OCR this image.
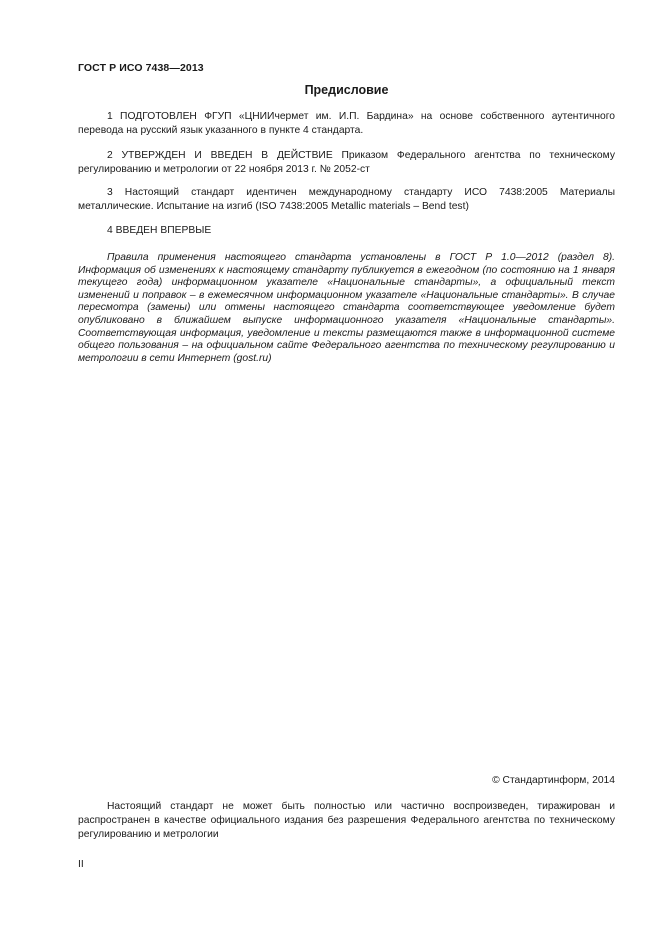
ГОСТ Р ИСО 7438—2013
Предисловие

1 ПОДГОТОВЛЕН ФГУП «ЦНИИчермет им. И.П. Бардина» на основе собственного аутентичного перевода на русский язык указанного в пункте 4 стандарта.

2 УТВЕРЖДЕН И ВВЕДЕН В ДЕЙСТВИЕ Приказом Федерального агентства по техническому регулированию и метрологии от 22 ноября 2013 г. № 2052-ст

3 Настоящий стандарт идентичен международному стандарту ИСО 7438:2005 Материалы металлические. Испытание на изгиб (ISO 7438:2005 Metallic materials – Bend test)

4 ВВЕДЕН ВПЕРВЫЕ

Правила применения настоящего стандарта установлены в ГОСТ Р 1.0—2012 (раздел 8). Информация об изменениях к настоящему стандарту публикуется в ежегодном (по состоянию на 1 января текущего года) информационном указателе «Национальные стандарты», а официальный текст изменений и поправок – в ежемесячном информационном указателе «Национальные стандарты». В случае пересмотра (замены) или отмены настоящего стандарта соответствующее уведомление будет опубликовано в ближайшем выпуске информационного указателя «Национальные стандарты». Соответствующая информация, уведомление и тексты размещаются также в информационной системе общего пользования – на официальном сайте Федерального агентства по техническому регулированию и метрологии в сети Интернет (gost.ru)

© Стандартинформ, 2014

Настоящий стандарт не может быть полностью или частично воспроизведен, тиражирован и распространен в качестве официального издания без разрешения Федерального агентства по техническому регулированию и метрологии

II
